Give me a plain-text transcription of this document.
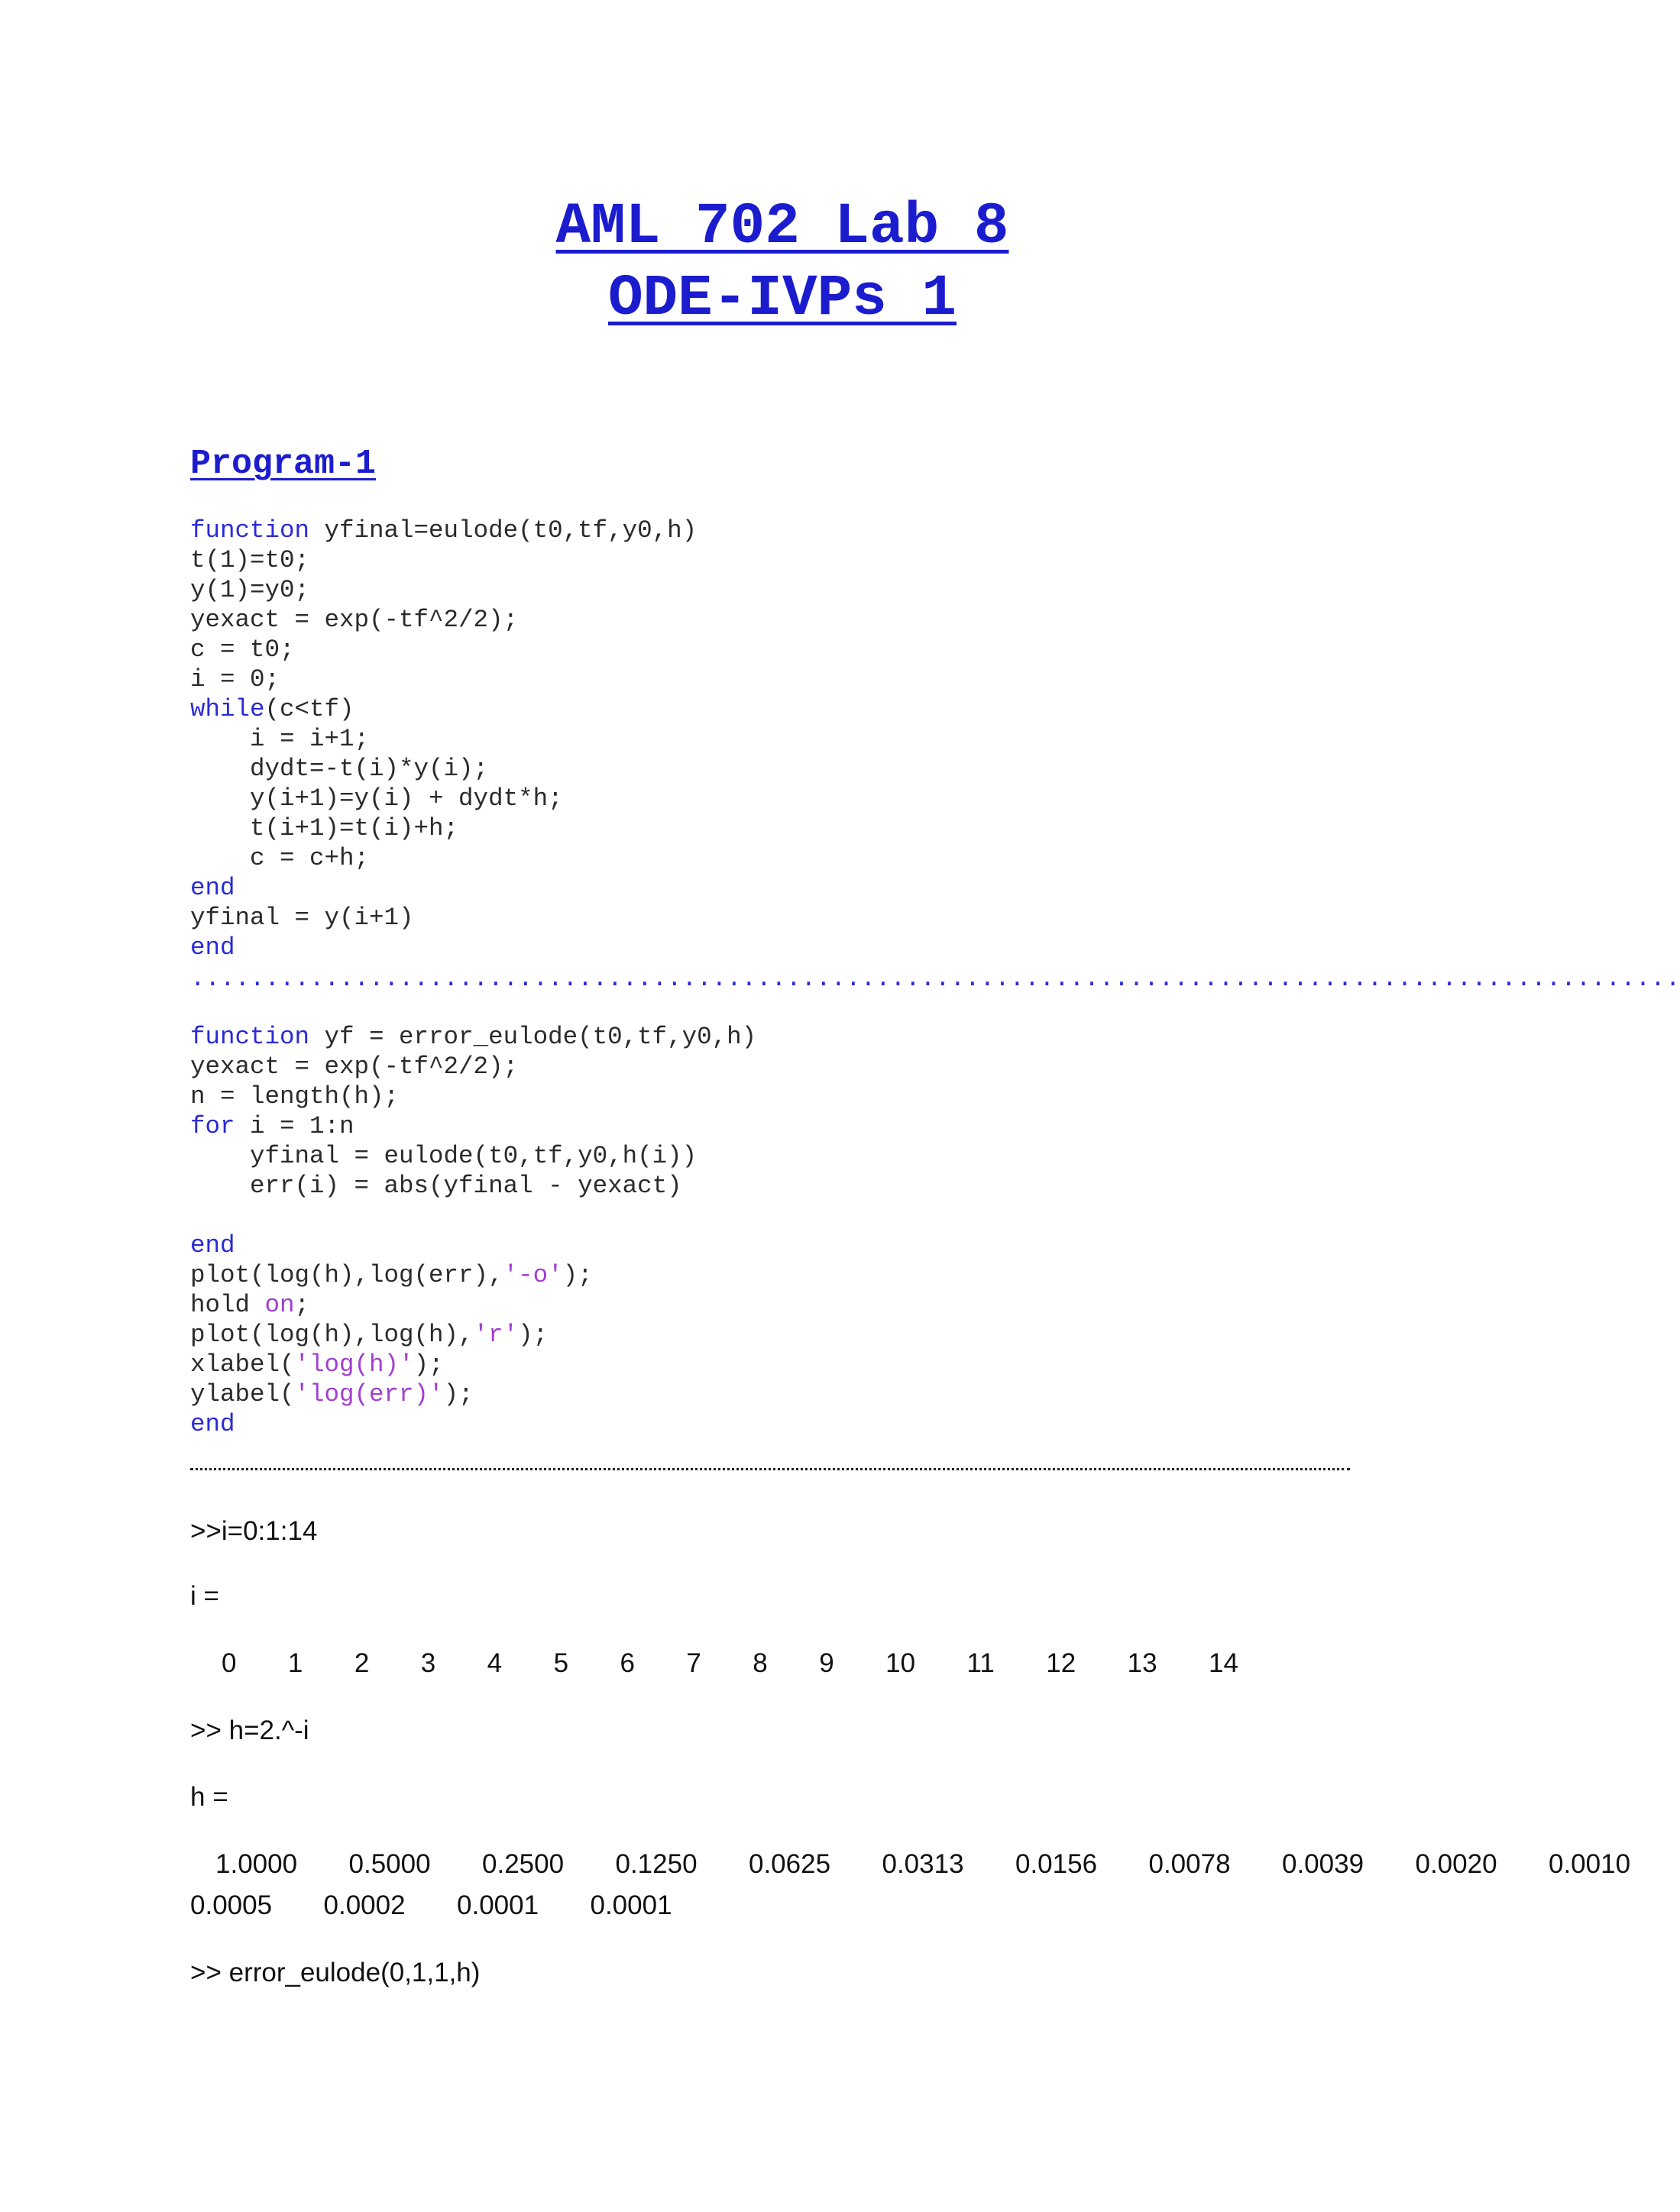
AML 702 Lab 8
ODE-IVPs 1
Program-1
function yfinal=eulode(t0,tf,y0,h)
t(1)=t0;
y(1)=y0;
yexact = exp(-tf^2/2);
c = t0;
i = 0;
while(c<tf)
i = i+1;
dydt=-t(i)*y(i);
y(i+1)=y(i) + dydt*h;
t(i+1)=t(i)+h;
c = c+h;
end
yfinal = y(i+1)
end
....................................................................................................
function yf = error_eulode(t0,tf,y0,h)
yexact = exp(-tf^2/2);
n = length(h);
for i = 1:n
yfinal = eulode(t0,tf,y0,h(i))
err(i) = abs(yfinal - yexact)
end
plot(log(h),log(err),'-o');
hold on;
plot(log(h),log(h),'r');
xlabel('log(h)');
ylabel('log(err)');
end
>>i=0:1:14
i =
0  1  2  3  4  5  6  7  8  9  10  11  12  13  14
>> h=2.^-i
h =
1.0000  0.5000  0.2500  0.1250  0.0625  0.0313  0.0156  0.0078  0.0039  0.0020  0.0010
0.0005  0.0002  0.0001  0.0001
>> error_eulode(0,1,1,h)
